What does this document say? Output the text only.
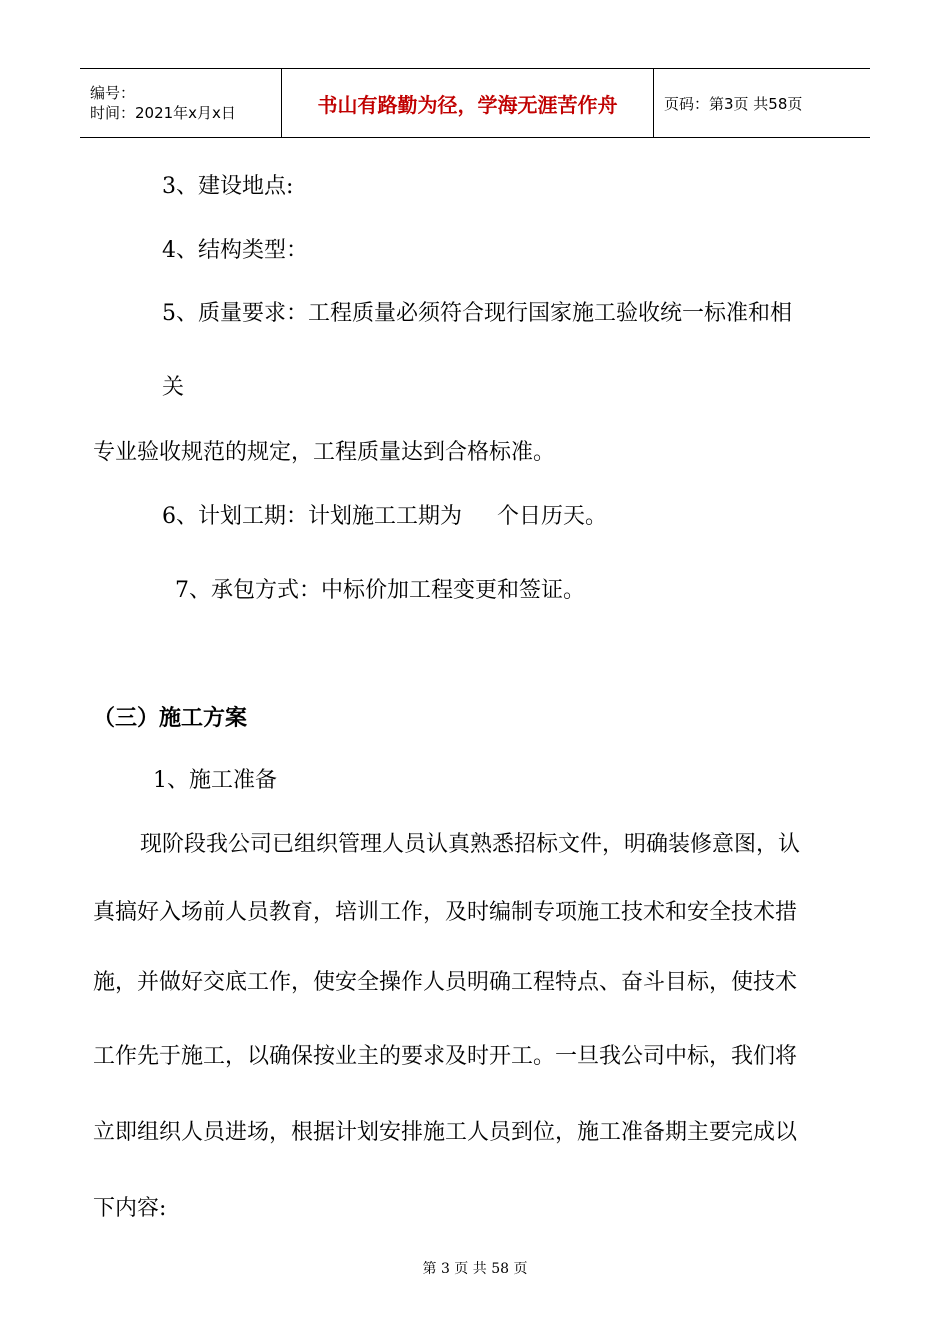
编号：
时间：2021年x月x日	书山有路勤为径，学海无涯苦作舟	页码：第3页 共58页
3、建设地点:
4、结构类型：
5、质量要求：工程质量必须符合现行国家施工验收统一标准和相
关
专业验收规范的规定，工程质量达到合格标准。
6、计划工期：计划施工工期为     个日历天。
7、承包方式：中标价加工程变更和签证。
（三）施工方案
1、施工准备
现阶段我公司已组织管理人员认真熟悉招标文件，明确装修意图，认
真搞好入场前人员教育，培训工作，及时编制专项施工技术和安全技术措
施，并做好交底工作，使安全操作人员明确工程特点、奋斗目标，使技术
工作先于施工，以确保按业主的要求及时开工。一旦我公司中标，我们将
立即组织人员进场，根据计划安排施工人员到位，施工准备期主要完成以
下内容:
第 3 页 共 58 页
